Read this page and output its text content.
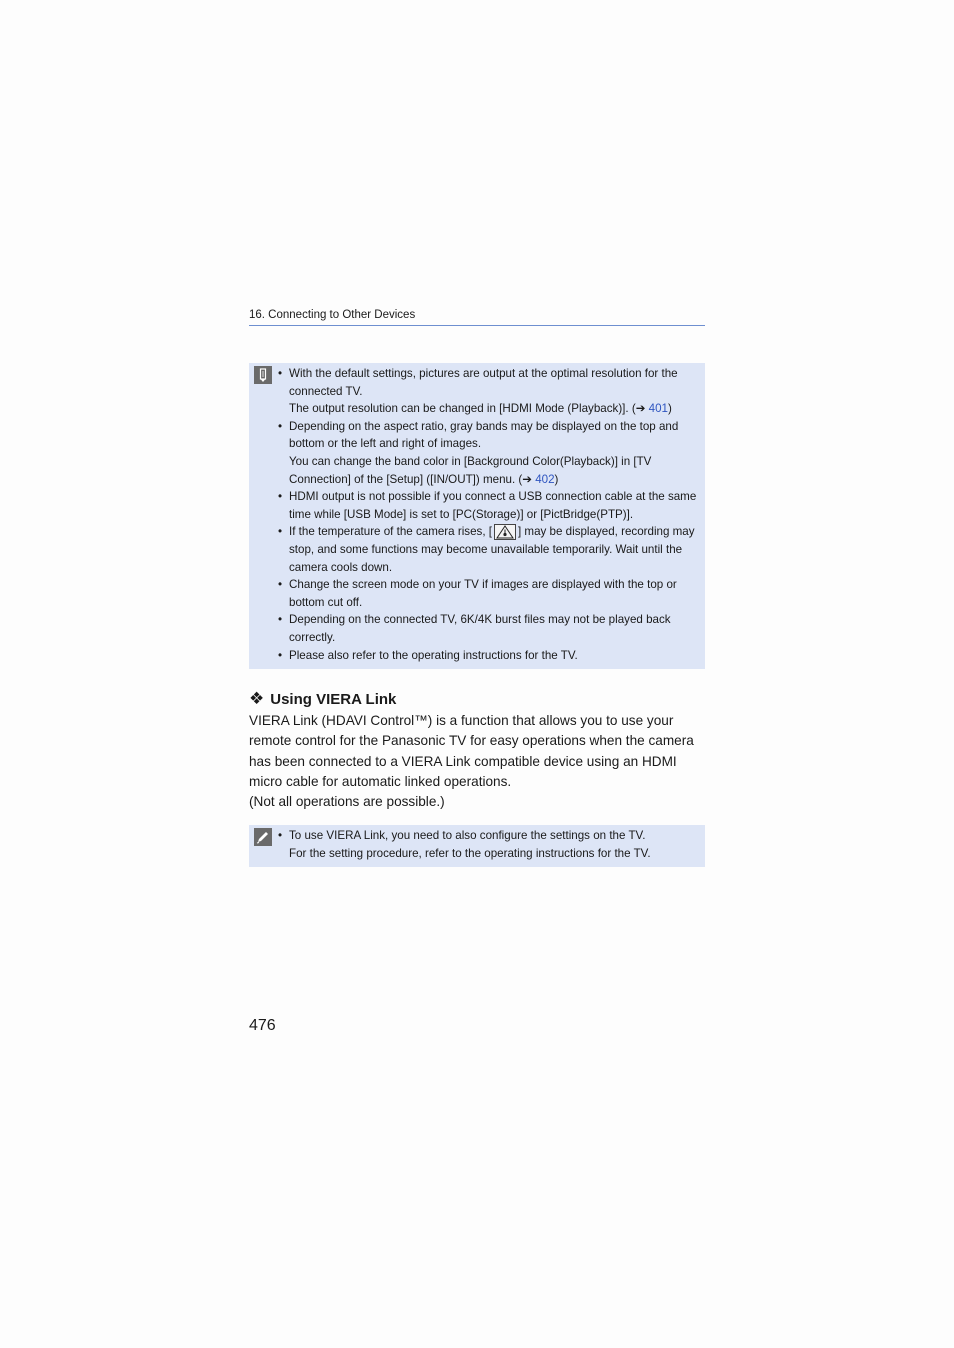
16. Connecting to Other Devices
• With the default settings, pictures are output at the optimal resolution for the connected TV.
The output resolution can be changed in [HDMI Mode (Playback)]. (➔ 401)
• Depending on the aspect ratio, gray bands may be displayed on the top and bottom or the left and right of images.
You can change the band color in [Background Color(Playback)] in [TV Connection] of the [Setup] ([IN/OUT]) menu. (➔ 402)
• HDMI output is not possible if you connect a USB connection cable at the same time while [USB Mode] is set to [PC(Storage)] or [PictBridge(PTP)].
• If the temperature of the camera rises, [ ] may be displayed, recording may stop, and some functions may become unavailable temporarily. Wait until the camera cools down.
• Change the screen mode on your TV if images are displayed with the top or bottom cut off.
• Depending on the connected TV, 6K/4K burst files may not be played back correctly.
• Please also refer to the operating instructions for the TV.
❖ Using VIERA Link

VIERA Link (HDAVI Control™) is a function that allows you to use your remote control for the Panasonic TV for easy operations when the camera has been connected to a VIERA Link compatible device using an HDMI micro cable for automatic linked operations.
(Not all operations are possible.)

• To use VIERA Link, you need to also configure the settings on the TV.
For the setting procedure, refer to the operating instructions for the TV.
476
